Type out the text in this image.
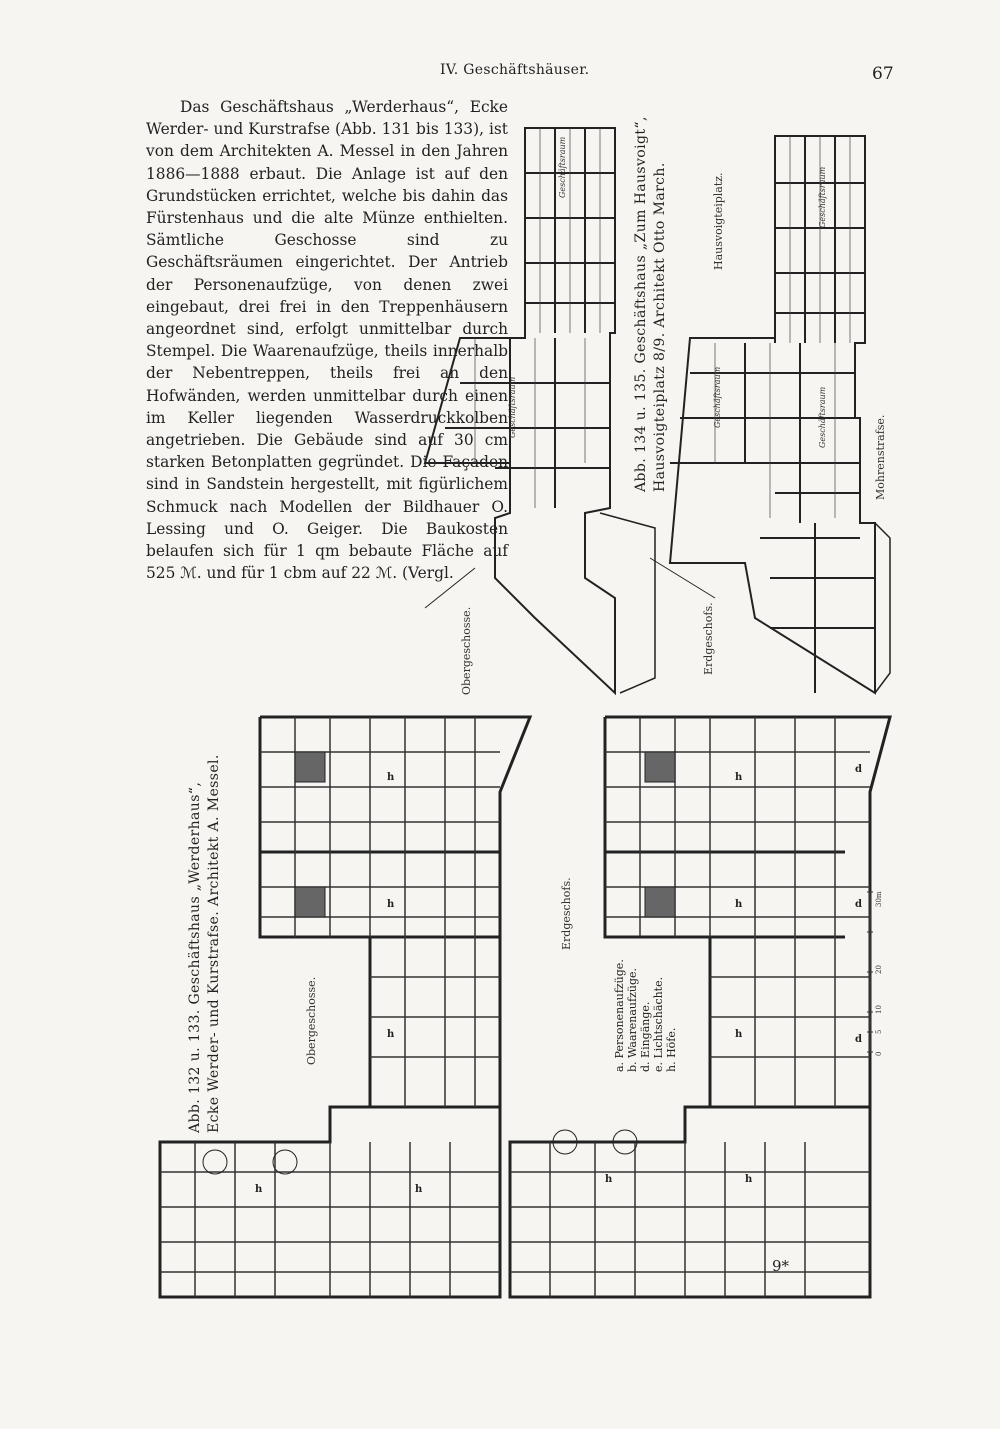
IV. Geschäftshäuser.	67

Das Geschäftshaus „Werderhaus“, Ecke Werder- und Kurstrafse (Abb. 131 bis 133), ist von dem Architekten A. Messel in den Jahren 1886—1888 erbaut. Die Anlage ist auf den Grundstücken errichtet, welche bis dahin das Fürstenhaus und die alte Münze enthielten. Sämtliche Geschosse sind zu Geschäftsräumen eingerichtet. Der Antrieb der Personenaufzüge, von denen zwei eingebaut, drei frei in den Treppenhäusern angeordnet sind, erfolgt unmittelbar durch Stempel. Die Waarenaufzüge, theils innerhalb der Nebentreppen, theils frei an den Hofwänden, werden unmittelbar durch einen im Keller liegenden Wasserdruckkolben angetrieben. Die Gebäude sind auf 30 cm starken Betonplatten gegründet. Die Façaden sind in Sandstein hergestellt, mit figürlichem Schmuck nach Modellen der Bildhauer O. Lessing und O. Geiger. Die Baukosten belaufen sich für 1 qm bebaute Fläche auf 525 ℳ. und für 1 cbm auf 22 ℳ. (Vergl.

Geschäftsraum
Geschäftsraum
Geschäftsraum
Geschäftsraum	Geschäftsraum
Abb. 134 u. 135. Geschäftshaus „Zum Hausvoigt“, Hausvoigteiplatz 8/9. Architekt Otto March.
Obergeschosse.	Erdgeschofs.
Hausvoigteiplatz.
Mohrenstrafse.
h
h
h
h	h
h
h
h
h	h
d
d
d
0
5
10
20
30m
Abb. 132 u. 133. Geschäftshaus „Werderhaus“, Ecke Werder- und Kurstrafse. Architekt A. Messel.	Obergeschosse.
Erdgeschofs.
a. Personenaufzüge. b. Waarenaufzüge. d. Eingänge. e. Lichtschächte. h. Höfe.
9*
